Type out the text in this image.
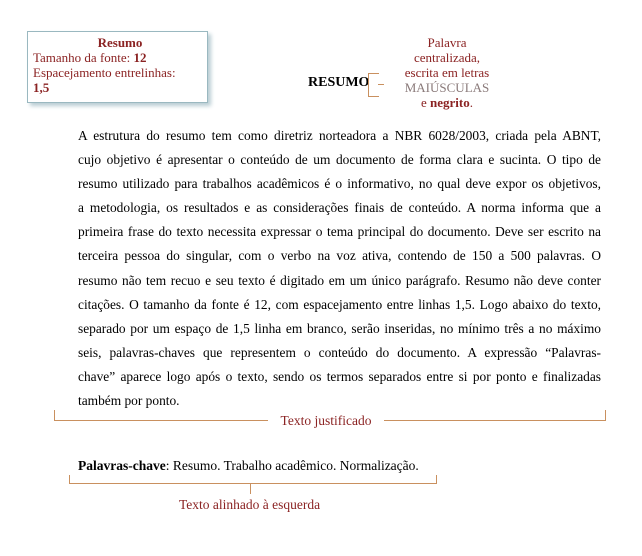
Resumo
Tamanho da fonte: 12
Espacejamento entrelinhas:
1,5	RESUMO
Palavra
centralizada,
escrita em letras
MAIÚSCULAS
e negrito.
A estrutura do resumo tem como diretriz norteadora a NBR 6028/2003, criada pela ABNT,
cujo objetivo é apresentar o conteúdo de um documento de forma clara e sucinta. O tipo de
resumo utilizado para trabalhos acadêmicos é o informativo, no qual deve expor os objetivos,
a metodologia, os resultados e as considerações finais de conteúdo. A norma informa que a
primeira frase do texto necessita expressar o tema principal do documento. Deve ser escrito na
terceira pessoa do singular, com o verbo na voz ativa, contendo de 150 a 500 palavras. O
resumo não tem recuo e seu texto é digitado em um único parágrafo. Resumo não deve conter
citações. O tamanho da fonte é 12, com espacejamento entre linhas 1,5. Logo abaixo do texto,
separado por um espaço de 1,5 linha em branco, serão inseridas, no mínimo três a no máximo
seis, palavras-chaves que representem o conteúdo do documento. A expressão “Palavras-
chave” aparece logo após o texto, sendo os termos separados entre si por ponto e finalizadas
também por ponto.
Texto justificado
Palavras-chave: Resumo. Trabalho acadêmico. Normalização.
Texto alinhado à esquerda
